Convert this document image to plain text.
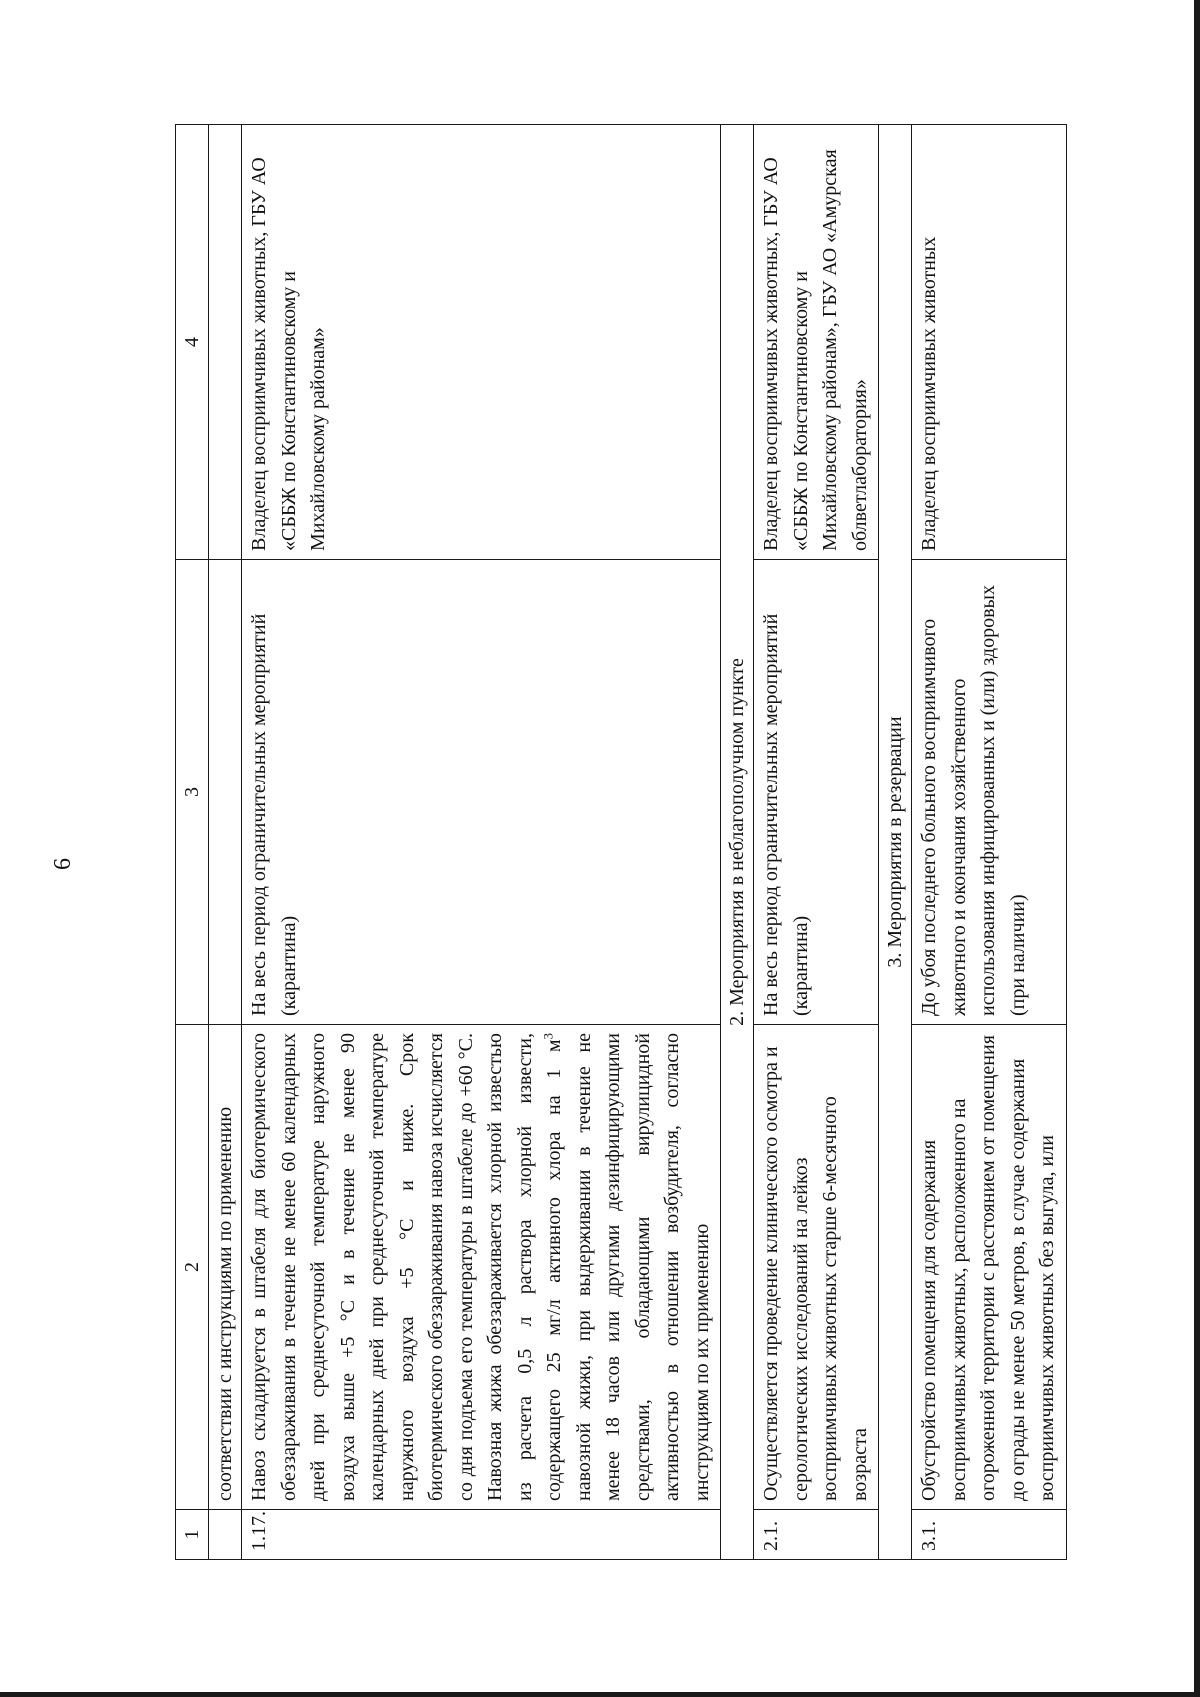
6
1	2	3	4
	соответствии с инструкциями по применению		
1.17.	Навоз складируется в штабеля для биотермического обеззараживания в течение не менее 60 календарных дней при среднесуточной температуре наружного воздуха выше +5 °С и в течение не менее 90 календарных дней при среднесуточной температуре наружного воздуха +5 °С и ниже. Срок биотермического обеззараживания навоза исчисляется со дня подъема его температуры в штабеле до +60 °С. Навозная жижа обеззараживается хлорной известью из расчета 0,5 л раствора хлорной извести, содержащего 25 мг/л активного хлора на 1 $м^3$ навозной жижи, при выдерживании в течение не менее 18 часов или другими дезинфицирующими средствами, обладающими вирулицидной активностью в отношении возбудителя, согласно инструкциям по их применению	На весь период ограничительных мероприятий (карантина)	Владелец восприимчивых животных, ГБУ АО «СББЖ по Константиновскому и Михайловскому районам»
2. Мероприятия в неблагополучном пункте			
2.1.	Осуществляется проведение клинического осмотра и серологических исследований на лейкоз восприимчивых животных старше 6-месячного возраста	На весь период ограничительных мероприятий (карантина)	Владелец восприимчивых животных, ГБУ АО «СББЖ по Константиновскому и Михайловскому районам», ГБУ АО «Амурская облветлаборатория»
3. Мероприятия в резервации			
3.1.	Обустройство помещения для содержания восприимчивых животных, расположенного на огороженной территории с расстоянием от помещения до ограды не менее 50 метров, в случае содержания восприимчивых животных без выгула, или	До убоя последнего больного восприимчивого животного и окончания хозяйственного использования инфицированных и (или) здоровых (при наличии)	Владелец восприимчивых животных
